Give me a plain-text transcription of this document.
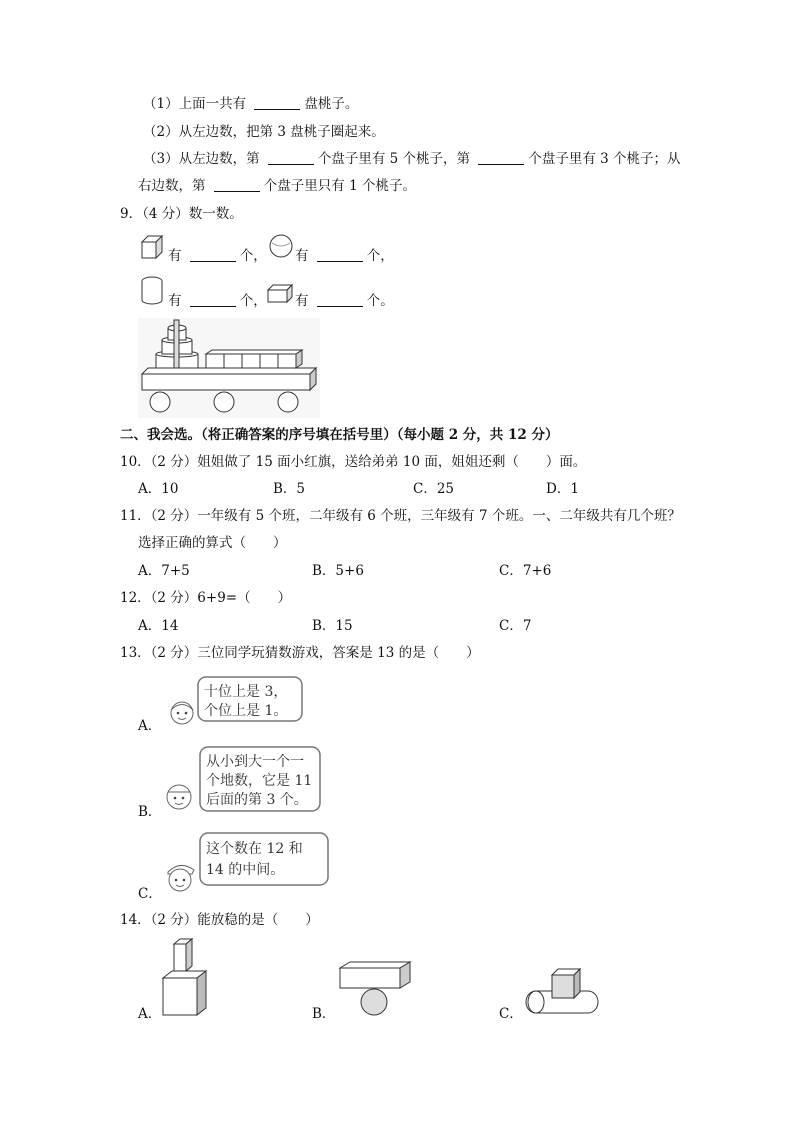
（1）上面一共有	盘桃子。
（2）从左边数，把第 3 盘桃子圈起来。
（3）从左边数，第	个盘子里有 5 个桃子，第	个盘子里有 3 个桃子；从
右边数，第	个盘子里只有 1 个桃子。
9．（4 分）数一数。
有	个， 有	个，
有	个， 有	个。
二、我会选。（将正确答案的序号填在括号里）（每小题 2 分，共 12 分）
10．（2 分）姐姐做了 15 面小红旗，送给弟弟 10 面，姐姐还剩（　　）面。
A．10	B．5	C．25	D．1
11．（2 分）一年级有 5 个班，二年级有 6 个班，三年级有 7 个班。一、二年级共有几个班？
选择正确的算式（　　）
A．7+5	B．5+6	C．7+6
12．（2 分）6+9=（　　）
A．14	B．15	C．7
13．（2 分）三位同学玩猜数游戏，答案是 13 的是（　　）
A．
十位上是 3，
个位上是 1。
B．
从小到大一个一
个地数，它是 11
后面的第 3 个。
C．
这个数在 12 和
14 的中间。
14．（2 分）能放稳的是（　　）
A．	B．	C．
